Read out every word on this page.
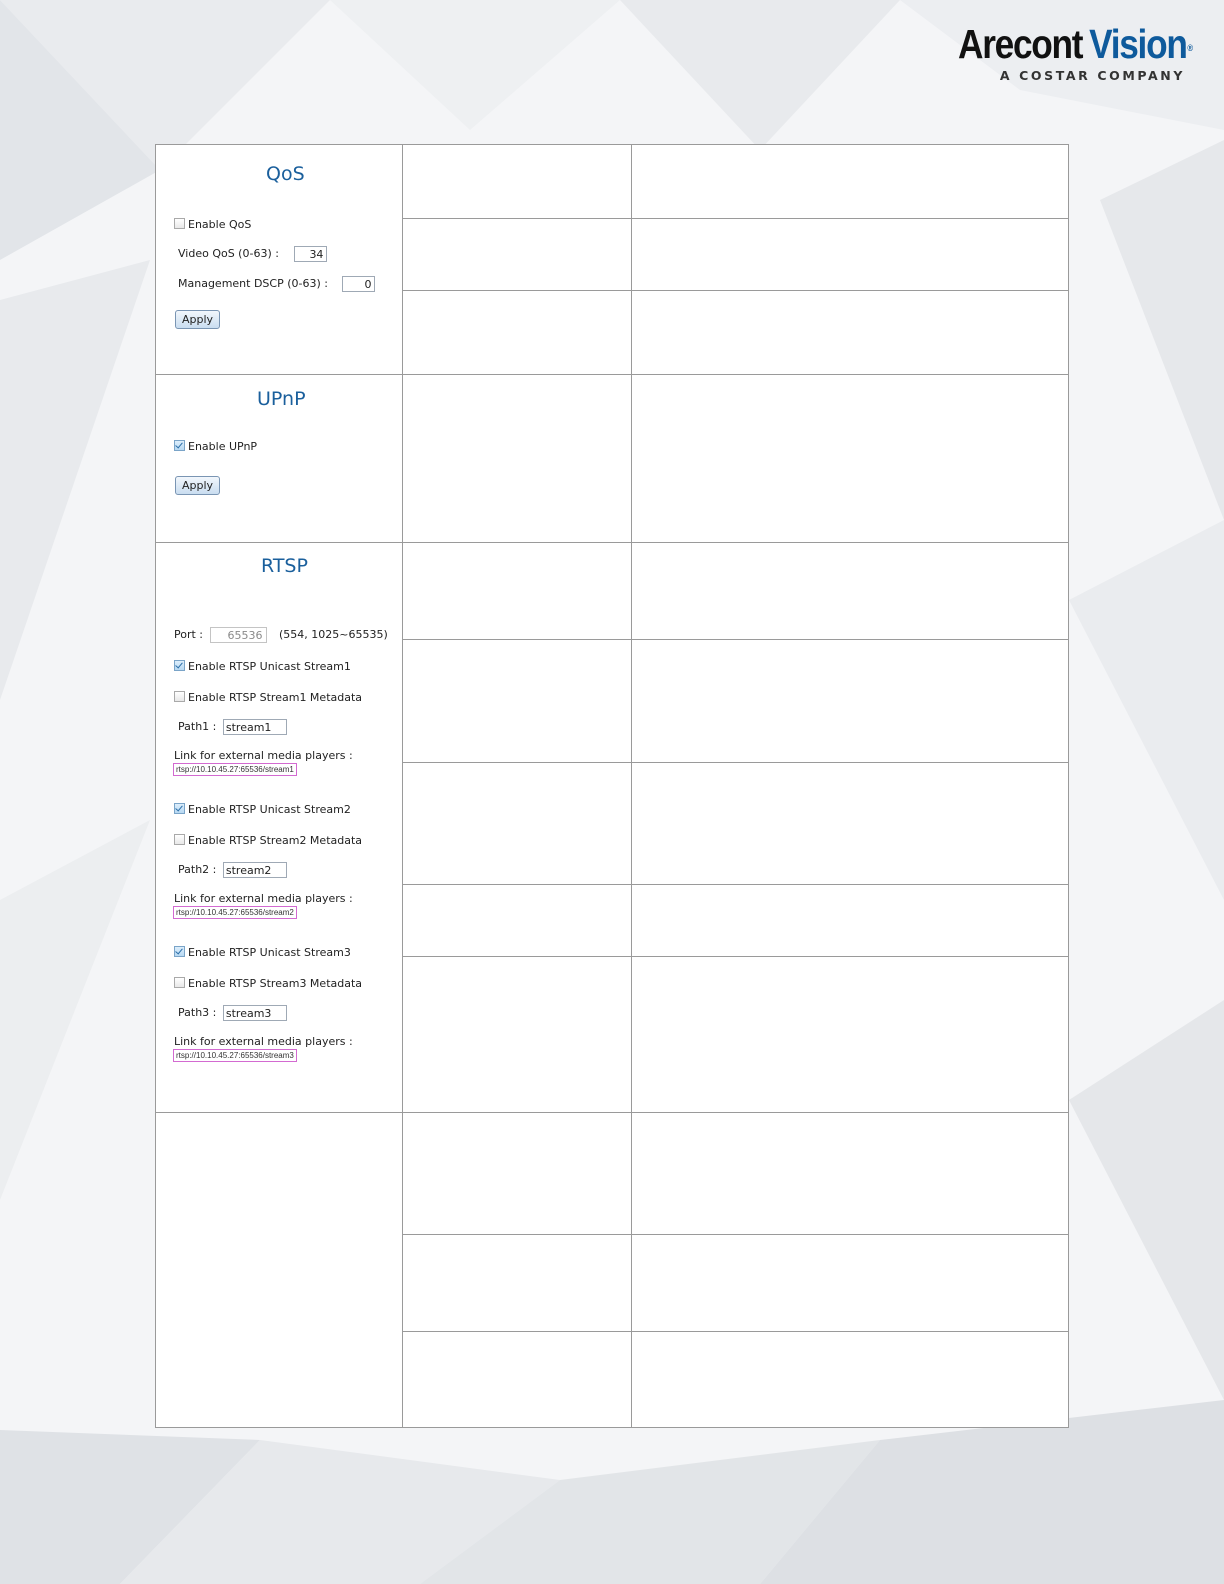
Arecont Vision®
A COSTAR COMPANY
QoS
Enable QoS
Video QoS (0-63) :	34
Management DSCP (0-63) :	0
Apply
UPnP
Enable UPnP
Apply
RTSP
Port : 65536 (554, 1025~65535)
Enable RTSP Unicast Stream1
Enable RTSP Stream1 Metadata
Path1 : stream1
Link for external media players :
rtsp://10.10.45.27:65536/stream1
Enable RTSP Unicast Stream2
Enable RTSP Stream2 Metadata
Path2 : stream2
Link for external media players :
rtsp://10.10.45.27:65536/stream2
Enable RTSP Unicast Stream3
Enable RTSP Stream3 Metadata
Path3 : stream3
Link for external media players :
rtsp://10.10.45.27:65536/stream3
